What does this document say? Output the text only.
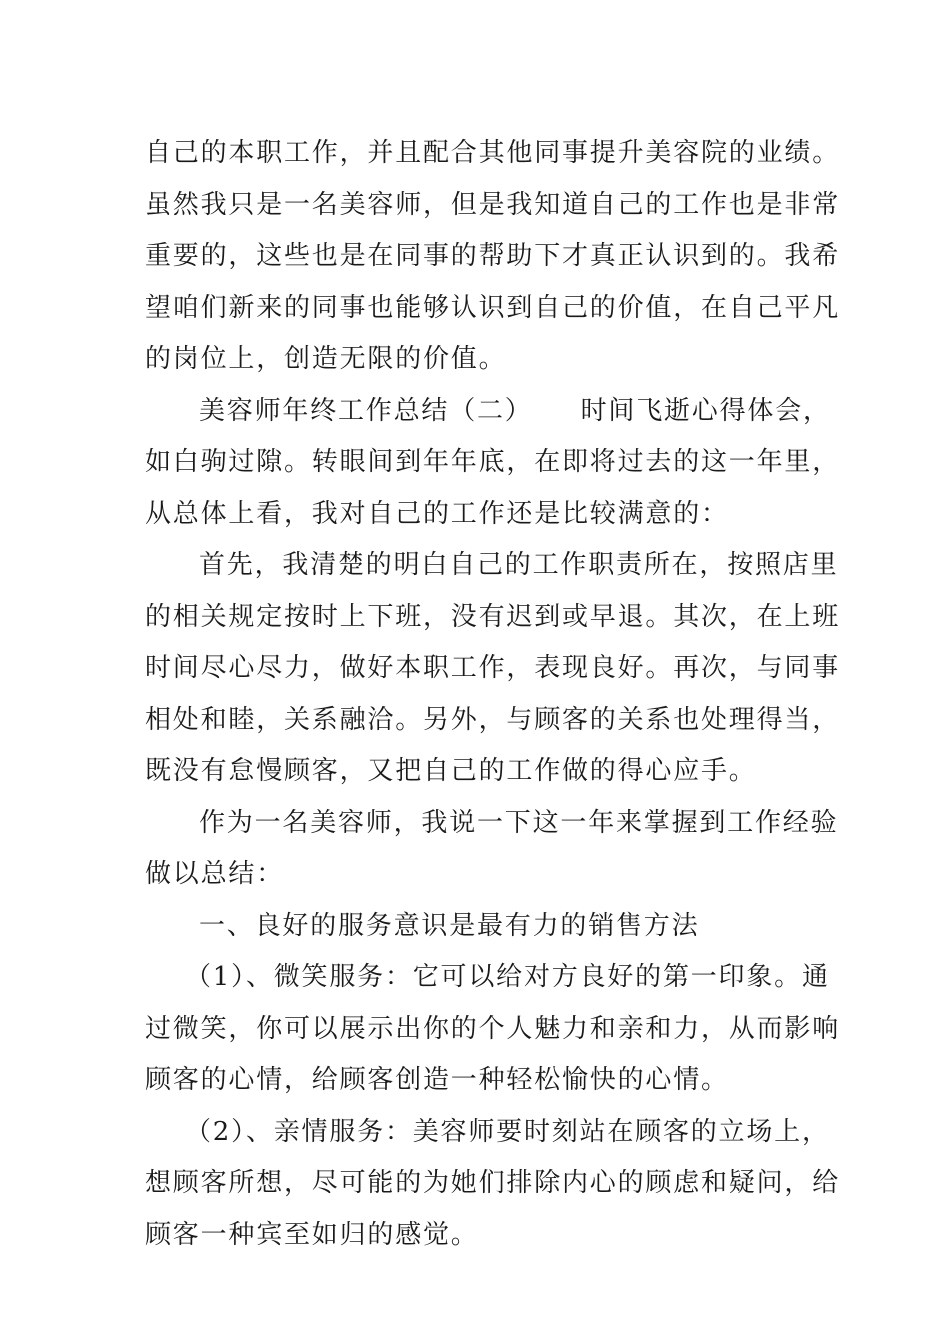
自己的本职工作，并且配合其他同事提升美容院的业绩。
虽然我只是一名美容师，但是我知道自己的工作也是非常
重要的，这些也是在同事的帮助下才真正认识到的。我希
望咱们新来的同事也能够认识到自己的价值，在自己平凡
的岗位上，创造无限的价值。
美容师年终工作总结（二） 时间飞逝心得体会，
如白驹过隙。转眼间到年年底，在即将过去的这一年里，
从总体上看，我对自己的工作还是比较满意的：
首先，我清楚的明白自己的工作职责所在，按照店里
的相关规定按时上下班，没有迟到或早退。其次，在上班
时间尽心尽力，做好本职工作，表现良好。再次，与同事
相处和睦，关系融洽。另外，与顾客的关系也处理得当，
既没有怠慢顾客，又把自己的工作做的得心应手。
作为一名美容师，我说一下这一年来掌握到工作经验
做以总结：
一、良好的服务意识是最有力的销售方法
（1）、微笑服务：它可以给对方良好的第一印象。通
过微笑，你可以展示出你的个人魅力和亲和力，从而影响
顾客的心情，给顾客创造一种轻松愉快的心情。
（2）、亲情服务：美容师要时刻站在顾客的立场上，
想顾客所想，尽可能的为她们排除内心的顾虑和疑问，给
顾客一种宾至如归的感觉。
